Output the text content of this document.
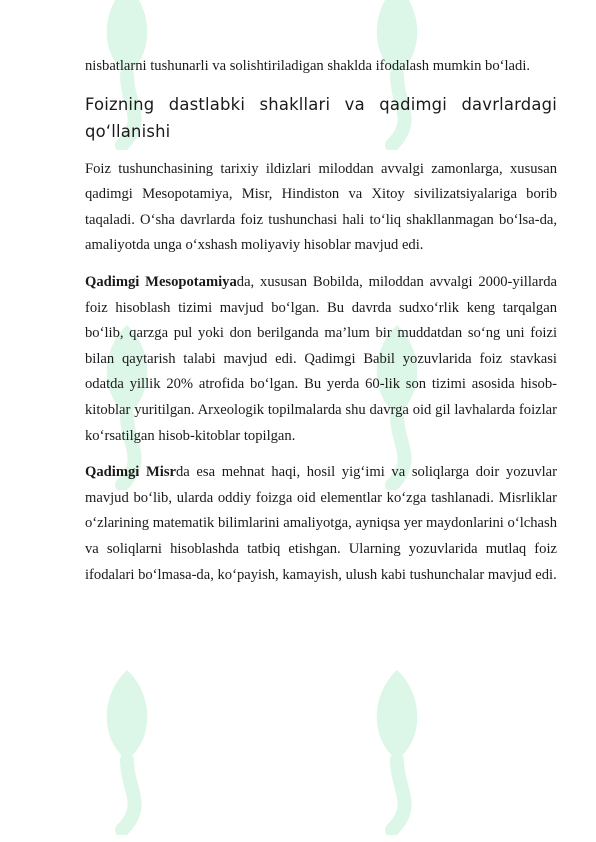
nisbatlarni tushunarli va solishtiriladigan shaklda ifodalash mumkin bo‘ladi.

Foizning dastlabki shakllari va qadimgi davrlardagi
qo‘llanishi

Foiz tushunchasining tarixiy ildizlari miloddan avvalgi zamonlarga, xususan qadimgi Mesopotamiya, Misr, Hindiston va Xitoy sivilizatsiyalariga borib taqaladi. O‘sha davrlarda foiz tushunchasi hali to‘liq shakllanmagan bo‘lsa-da, amaliyotda unga o‘xshash moliyaviy hisoblar mavjud edi.

Qadimgi Mesopotamiyada, xususan Bobilda, miloddan avvalgi 2000-yillarda foiz hisoblash tizimi mavjud bo‘lgan. Bu davrda sudxo‘rlik keng tarqalgan bo‘lib, qarzga pul yoki don berilganda ma’lum bir muddatdan so‘ng uni foizi bilan qaytarish talabi mavjud edi. Qadimgi Babil yozuvlarida foiz stavkasi odatda yillik 20% atrofida bo‘lgan. Bu yerda 60-lik son tizimi asosida hisob-kitoblar yuritilgan. Arxeologik topilmalarda shu davrga oid gil lavhalarda foizlar ko‘rsatilgan hisob-kitoblar topilgan.

Qadimgi Misrda esa mehnat haqi, hosil yig‘imi va soliqlarga doir yozuvlar mavjud bo‘lib, ularda oddiy foizga oid elementlar ko‘zga tashlanadi. Misrliklar o‘zlarining matematik bilimlarini amaliyotga, ayniqsa yer maydonlarini o‘lchash va soliqlarni hisoblashda tatbiq etishgan. Ularning yozuvlarida mutlaq foiz ifodalari bo‘lmasa-da, ko‘payish, kamayish, ulush kabi tushunchalar mavjud edi.
